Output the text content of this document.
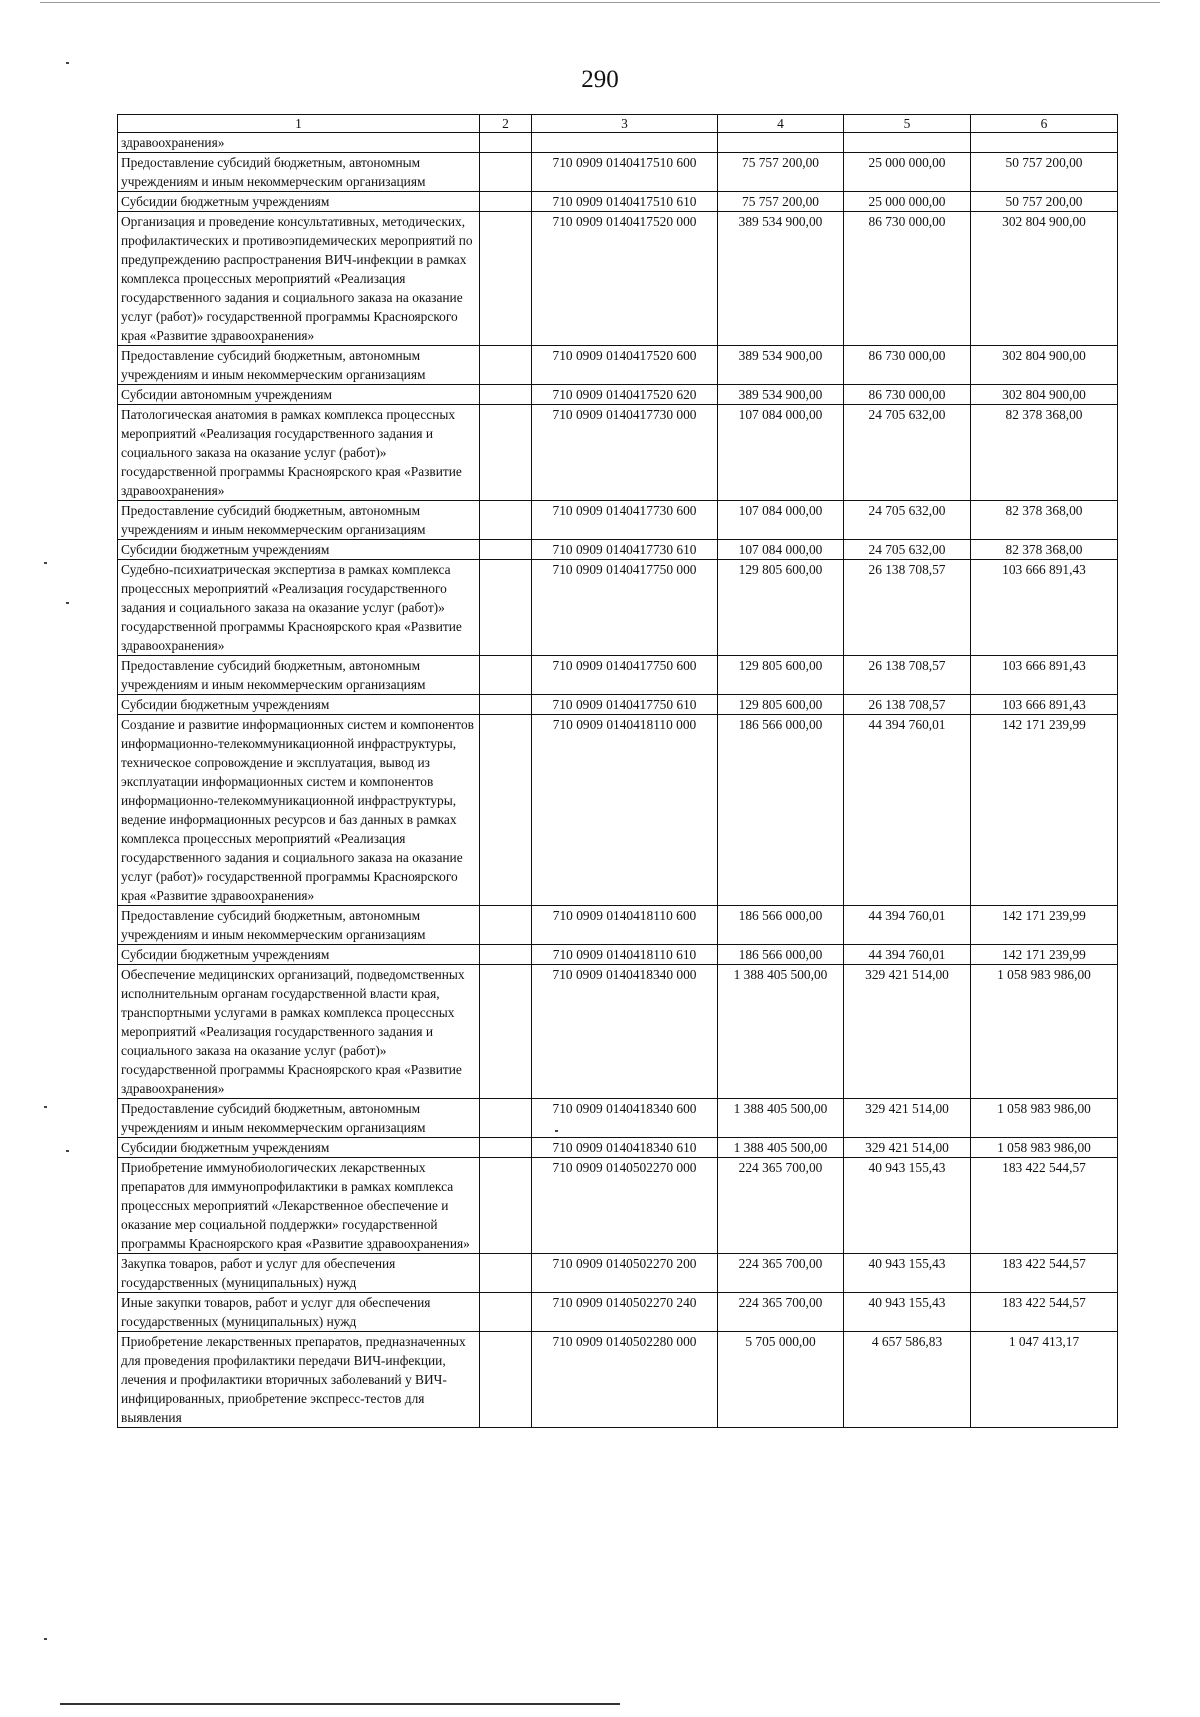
290
1	2	3	4	5	6
здравоохранения»					
Предоставление субсидий бюджетным, автономным учреждениям и иным некоммерческим организациям		710 0909 0140417510 600	75 757 200,00	25 000 000,00	50 757 200,00
Субсидии бюджетным учреждениям		710 0909 0140417510 610	75 757 200,00	25 000 000,00	50 757 200,00
Организация и проведение консультативных, методических, профилактических и противоэпидемических мероприятий по предупреждению распространения ВИЧ-инфекции в рамках комплекса процессных мероприятий «Реализация государственного задания и социального заказа на оказание услуг (работ)» государственной программы Красноярского края «Развитие здравоохранения»		710 0909 0140417520 000	389 534 900,00	86 730 000,00	302 804 900,00
Предоставление субсидий бюджетным, автономным учреждениям и иным некоммерческим организациям		710 0909 0140417520 600	389 534 900,00	86 730 000,00	302 804 900,00
Субсидии автономным учреждениям		710 0909 0140417520 620	389 534 900,00	86 730 000,00	302 804 900,00
Патологическая анатомия в рамках комплекса процессных мероприятий «Реализация государственного задания и социального заказа на оказание услуг (работ)» государственной программы Красноярского края «Развитие здравоохранения»		710 0909 0140417730 000	107 084 000,00	24 705 632,00	82 378 368,00
Предоставление субсидий бюджетным, автономным учреждениям и иным некоммерческим организациям		710 0909 0140417730 600	107 084 000,00	24 705 632,00	82 378 368,00
Субсидии бюджетным учреждениям		710 0909 0140417730 610	107 084 000,00	24 705 632,00	82 378 368,00
Судебно-психиатрическая экспертиза в рамках комплекса процессных мероприятий «Реализация государственного задания и социального заказа на оказание услуг (работ)» государственной программы Красноярского края «Развитие здравоохранения»		710 0909 0140417750 000	129 805 600,00	26 138 708,57	103 666 891,43
Предоставление субсидий бюджетным, автономным учреждениям и иным некоммерческим организациям		710 0909 0140417750 600	129 805 600,00	26 138 708,57	103 666 891,43
Субсидии бюджетным учреждениям		710 0909 0140417750 610	129 805 600,00	26 138 708,57	103 666 891,43
Создание и развитие информационных систем и компонентов информационно-телекоммуникационной инфраструктуры, техническое сопровождение и эксплуатация, вывод из эксплуатации информационных систем и компонентов информационно-телекоммуникационной инфраструктуры, ведение информационных ресурсов и баз данных в рамках комплекса процессных мероприятий «Реализация государственного задания и социального заказа на оказание услуг (работ)» государственной программы Красноярского края «Развитие здравоохранения»		710 0909 0140418110 000	186 566 000,00	44 394 760,01	142 171 239,99
Предоставление субсидий бюджетным, автономным учреждениям и иным некоммерческим организациям		710 0909 0140418110 600	186 566 000,00	44 394 760,01	142 171 239,99
Субсидии бюджетным учреждениям		710 0909 0140418110 610	186 566 000,00	44 394 760,01	142 171 239,99
Обеспечение медицинских организаций, подведомственных исполнительным органам государственной власти края, транспортными услугами в рамках комплекса процессных мероприятий «Реализация государственного задания и социального заказа на оказание услуг (работ)» государственной программы Красноярского края «Развитие здравоохранения»		710 0909 0140418340 000	1 388 405 500,00	329 421 514,00	1 058 983 986,00
Предоставление субсидий бюджетным, автономным учреждениям и иным некоммерческим организациям		710 0909 0140418340 600	1 388 405 500,00	329 421 514,00	1 058 983 986,00
Субсидии бюджетным учреждениям		710 0909 0140418340 610	1 388 405 500,00	329 421 514,00	1 058 983 986,00
Приобретение иммунобиологических лекарственных препаратов для иммунопрофилактики в рамках комплекса процессных мероприятий «Лекарственное обеспечение и оказание мер социальной поддержки» государственной программы Красноярского края «Развитие здравоохранения»		710 0909 0140502270 000	224 365 700,00	40 943 155,43	183 422 544,57
Закупка товаров, работ и услуг для обеспечения государственных (муниципальных) нужд		710 0909 0140502270 200	224 365 700,00	40 943 155,43	183 422 544,57
Иные закупки товаров, работ и услуг для обеспечения государственных (муниципальных) нужд		710 0909 0140502270 240	224 365 700,00	40 943 155,43	183 422 544,57
Приобретение лекарственных препаратов, предназначенных для проведения профилактики передачи ВИЧ-инфекции, лечения и профилактики вторичных заболеваний у ВИЧ-инфицированных, приобретение экспресс-тестов для выявления		710 0909 0140502280 000	5 705 000,00	4 657 586,83	1 047 413,17
